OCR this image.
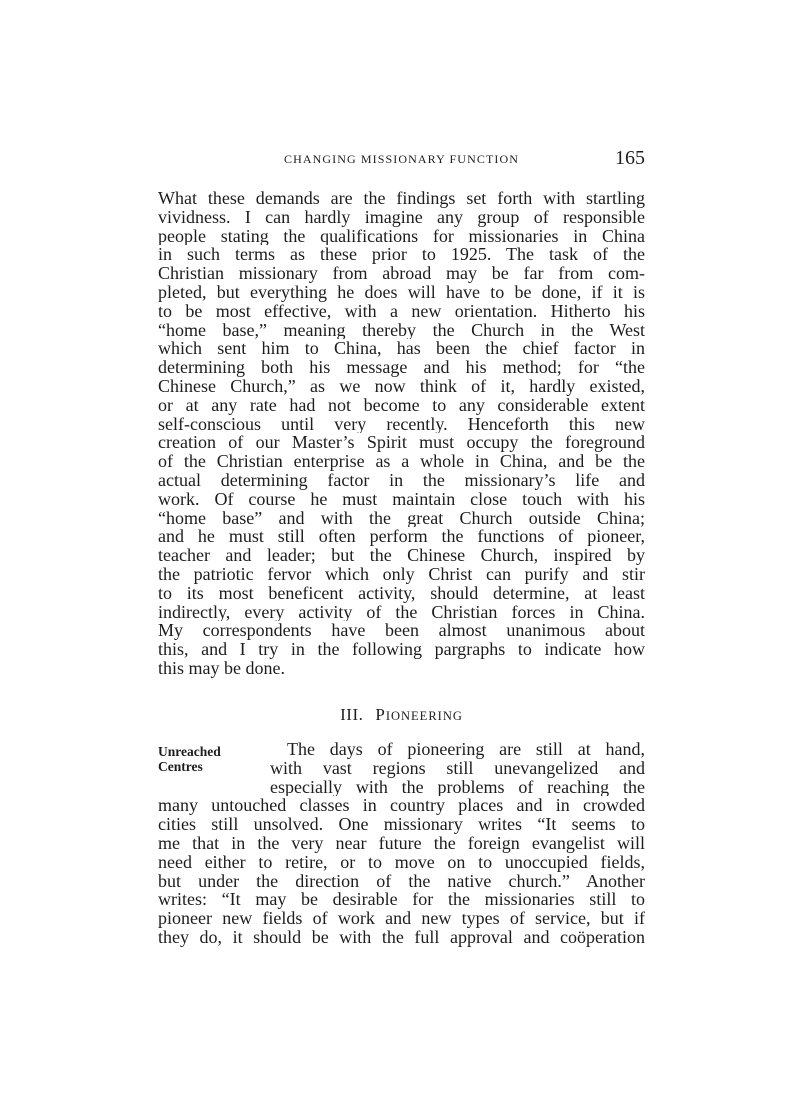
CHANGING MISSIONARY FUNCTION	165
What these demands are the findings set forth with startling
vividness. I can hardly imagine any group of responsible
people stating the qualifications for missionaries in China
in such terms as these prior to 1925. The task of the
Christian missionary from abroad may be far from com-
pleted, but everything he does will have to be done, if it is
to be most effective, with a new orientation. Hitherto his
“home base,” meaning thereby the Church in the West
which sent him to China, has been the chief factor in
determining both his message and his method; for “the
Chinese Church,” as we now think of it, hardly existed,
or at any rate had not become to any considerable extent
self-conscious until very recently. Henceforth this new
creation of our Master’s Spirit must occupy the foreground
of the Christian enterprise as a whole in China, and be the
actual determining factor in the missionary’s life and
work. Of course he must maintain close touch with his
“home base” and with the great Church outside China;
and he must still often perform the functions of pioneer,
teacher and leader; but the Chinese Church, inspired by
the patriotic fervor which only Christ can purify and stir
to its most beneficent activity, should determine, at least
indirectly, every activity of the Christian forces in China.
My correspondents have been almost unanimous about
this, and I try in the following pargraphs to indicate how
this may be done.
III. PIONEERING
Unreached
Centres
The days of pioneering are still at hand,
with vast regions still unevangelized and
especially with the problems of reaching the
many untouched classes in country places and in crowded
cities still unsolved. One missionary writes “It seems to
me that in the very near future the foreign evangelist will
need either to retire, or to move on to unoccupied fields,
but under the direction of the native church.” Another
writes: “It may be desirable for the missionaries still to
pioneer new fields of work and new types of service, but if
they do, it should be with the full approval and coöperation
